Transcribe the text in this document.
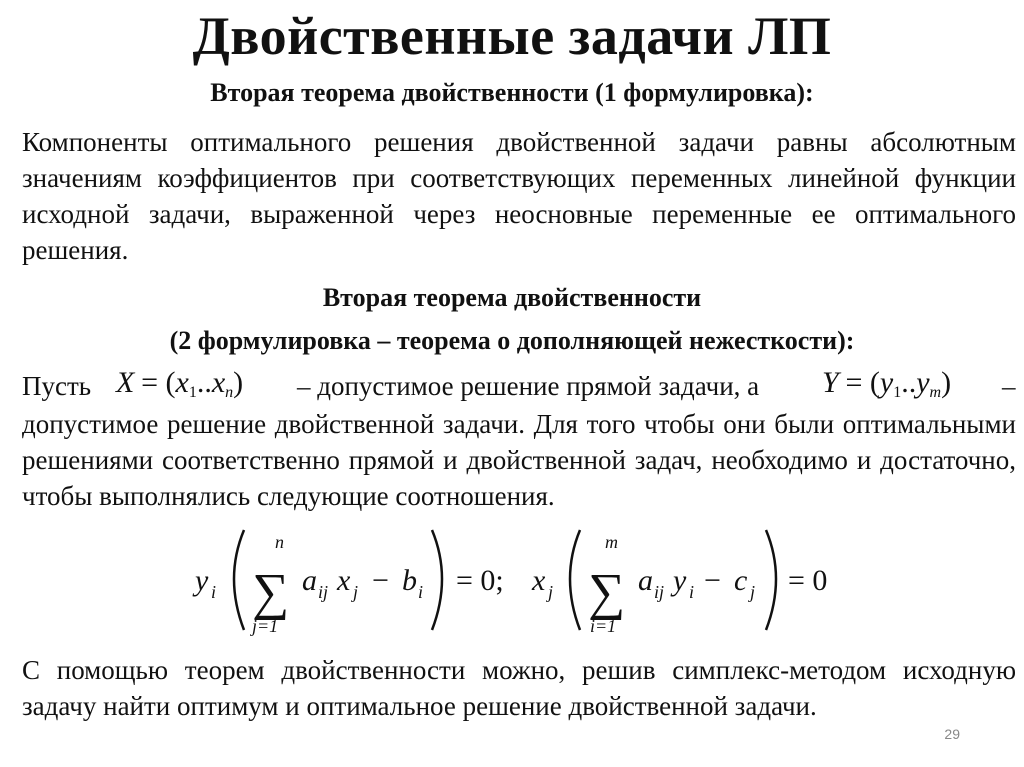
Двойственные задачи ЛП
Вторая теорема двойственности (1 формулировка):
Компоненты оптимального решения двойственной задачи равны абсолютным значениям коэффициентов при соответствующих переменных линейной функции исходной задачи, выраженной через неосновные переменные ее оптимального решения.
Вторая теорема двойственности
(2 формулировка – теорема о дополняющей нежесткости):
Пусть $X = (x_1..x_n)$ – допустимое решение прямой задачи, а $Y = (y_1..y_m)$ –
допустимое решение двойственной задачи. Для того чтобы они были оптимальными решениями соответственно прямой и двойственной задач, необходимо и достаточно, чтобы выполнялись следующие соотношения.
y i
n
∑
j=1
a ij x j − b i = 0; x j
m
∑
i=1
a ij y i − c j = 0
С помощью теорем двойственности можно, решив симплекс-методом исходную задачу найти оптимум и оптимальное решение двойственной задачи.
29
